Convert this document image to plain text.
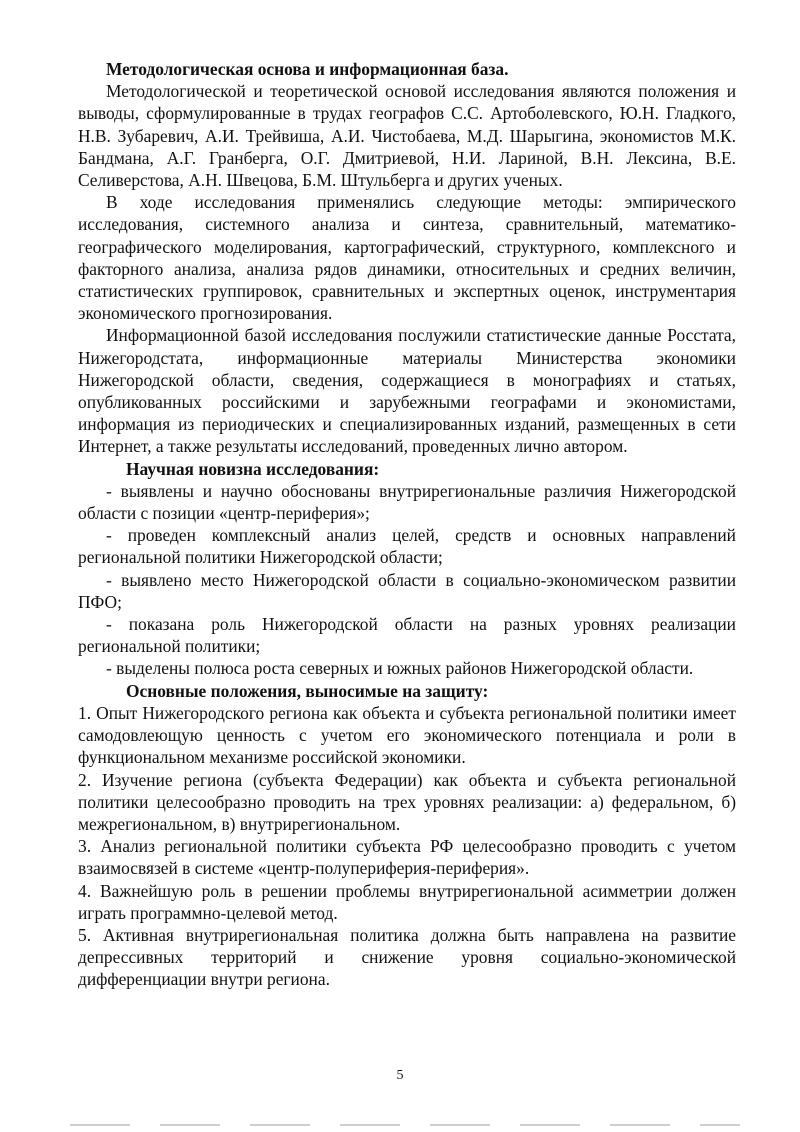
Методологическая основа и информационная база.

Методологической и теоретической основой исследования являются положения и выводы, сформулированные в трудах географов С.С. Артоболевского, Ю.Н. Гладкого, Н.В. Зубаревич, А.И. Трейвиша, А.И. Чистобаева, М.Д. Шарыгина, экономистов М.К. Бандмана, А.Г. Гранберга, О.Г. Дмитриевой, Н.И. Лариной, В.Н. Лексина, В.Е. Селиверстова, А.Н. Швецова, Б.М. Штульберга и других ученых.

В ходе исследования применялись следующие методы: эмпирического исследования, системного анализа и синтеза, сравнительный, математико-географического моделирования, картографический, структурного, комплексного и факторного анализа, анализа рядов динамики, относительных и средних величин, статистических группировок, сравнительных и экспертных оценок, инструментария экономического прогнозирования.

Информационной базой исследования послужили статистические данные Росстата, Нижегородстата, информационные материалы Министерства экономики Нижегородской области, сведения, содержащиеся в монографиях и статьях, опубликованных российскими и зарубежными географами и экономистами, информация из периодических и специализированных изданий, размещенных в сети Интернет, а также результаты исследований, проведенных лично автором.

Научная новизна исследования:

- выявлены и научно обоснованы внутрирегиональные различия Нижегородской области с позиции «центр-периферия»;

- проведен комплексный анализ целей, средств и основных направлений региональной политики Нижегородской области;

- выявлено место Нижегородской области в социально-экономическом развитии ПФО;

- показана роль Нижегородской области на разных уровнях реализации региональной политики;

- выделены полюса роста северных и южных районов Нижегородской области.

Основные положения, выносимые на защиту:

1. Опыт Нижегородского региона как объекта и субъекта региональной политики имеет самодовлеющую ценность с учетом его экономического потенциала и роли в функциональном механизме российской экономики.

2. Изучение региона (субъекта Федерации) как объекта и субъекта региональной политики целесообразно проводить на трех уровнях реализации: а) федеральном, б) межрегиональном, в) внутрирегиональном.

3. Анализ региональной политики субъекта РФ целесообразно проводить с учетом взаимосвязей в системе «центр-полупериферия-периферия».

4. Важнейшую роль в решении проблемы внутрирегиональной асимметрии должен играть программно-целевой метод.

5. Активная внутрирегиональная политика должна быть направлена на развитие депрессивных территорий и снижение уровня социально-экономической дифференциации внутри региона.

5
